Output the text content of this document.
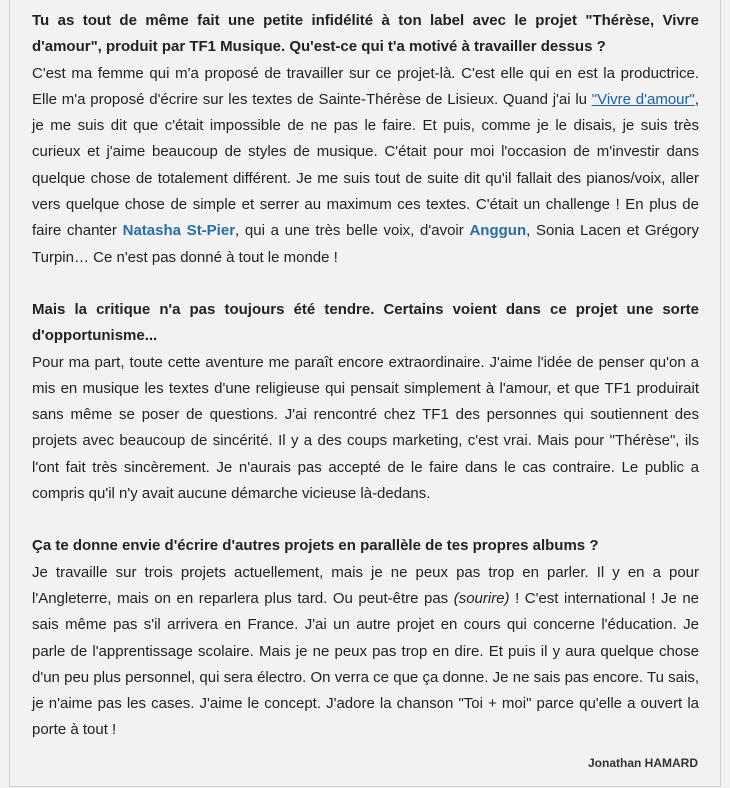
Tu as tout de même fait une petite infidélité à ton label avec le projet "Thérèse, Vivre d'amour", produit par TF1 Musique. Qu'est-ce qui t'a motivé à travailler dessus ?

C'est ma femme qui m'a proposé de travailler sur ce projet-là. C'est elle qui en est la productrice. Elle m'a proposé d'écrire sur les textes de Sainte-Thérèse de Lisieux. Quand j'ai lu "Vivre d'amour", je me suis dit que c'était impossible de ne pas le faire. Et puis, comme je le disais, je suis très curieux et j'aime beaucoup de styles de musique. C'était pour moi l'occasion de m'investir dans quelque chose de totalement différent. Je me suis tout de suite dit qu'il fallait des pianos/voix, aller vers quelque chose de simple et serrer au maximum ces textes. C'était un challenge ! En plus de faire chanter Natasha St-Pier, qui a une très belle voix, d'avoir Anggun, Sonia Lacen et Grégory Turpin… Ce n'est pas donné à tout le monde !

Mais la critique n'a pas toujours été tendre. Certains voient dans ce projet une sorte d'opportunisme...

Pour ma part, toute cette aventure me paraît encore extraordinaire. J'aime l'idée de penser qu'on a mis en musique les textes d'une religieuse qui pensait simplement à l'amour, et que TF1 produirait sans même se poser de questions. J'ai rencontré chez TF1 des personnes qui soutiennent des projets avec beaucoup de sincérité. Il y a des coups marketing, c'est vrai. Mais pour "Thérèse", ils l'ont fait très sincèrement. Je n'aurais pas accepté de le faire dans le cas contraire. Le public a compris qu'il n'y avait aucune démarche vicieuse là-dedans.

Ça te donne envie d'écrire d'autres projets en parallèle de tes propres albums ?

Je travaille sur trois projets actuellement, mais je ne peux pas trop en parler. Il y en a pour l'Angleterre, mais on en reparlera plus tard. Ou peut-être pas (sourire) ! C'est international ! Je ne sais même pas s'il arrivera en France. J'ai un autre projet en cours qui concerne l'éducation. Je parle de l'apprentissage scolaire. Mais je ne peux pas trop en dire. Et puis il y aura quelque chose d'un peu plus personnel, qui sera électro. On verra ce que ça donne. Je ne sais pas encore. Tu sais, je n'aime pas les cases. J'aime le concept. J'adore la chanson "Toi + moi" parce qu'elle a ouvert la porte à tout !

Jonathan HAMARD
